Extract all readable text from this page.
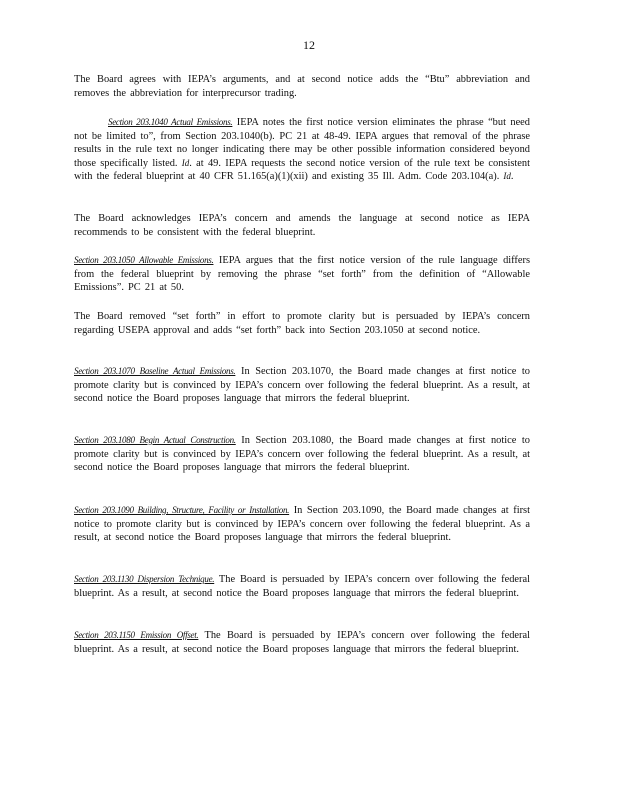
12

The Board agrees with IEPA’s arguments, and at second notice adds the “Btu” abbreviation and removes the abbreviation for interprecursor trading.

Section 203.1040 Actual Emissions. IEPA notes the first notice version eliminates the phrase “but need not be limited to”, from Section 203.1040(b). PC 21 at 48-49. IEPA argues that removal of the phrase results in the rule text no longer indicating there may be other possible information considered beyond those specifically listed. Id. at 49. IEPA requests the second notice version of the rule text be consistent with the federal blueprint at 40 CFR 51.165(a)(1)(xii) and existing 35 Ill. Adm. Code 203.104(a). Id.

The Board acknowledges IEPA’s concern and amends the language at second notice as IEPA recommends to be consistent with the federal blueprint.

Section 203.1050 Allowable Emissions. IEPA argues that the first notice version of the rule language differs from the federal blueprint by removing the phrase “set forth” from the definition of “Allowable Emissions”. PC 21 at 50.

The Board removed “set forth” in effort to promote clarity but is persuaded by IEPA’s concern regarding USEPA approval and adds “set forth” back into Section 203.1050 at second notice.

Section 203.1070 Baseline Actual Emissions. In Section 203.1070, the Board made changes at first notice to promote clarity but is convinced by IEPA’s concern over following the federal blueprint. As a result, at second notice the Board proposes language that mirrors the federal blueprint.

Section 203.1080 Begin Actual Construction. In Section 203.1080, the Board made changes at first notice to promote clarity but is convinced by IEPA’s concern over following the federal blueprint. As a result, at second notice the Board proposes language that mirrors the federal blueprint.

Section 203.1090 Building, Structure, Facility or Installation. In Section 203.1090, the Board made changes at first notice to promote clarity but is convinced by IEPA’s concern over following the federal blueprint. As a result, at second notice the Board proposes language that mirrors the federal blueprint.

Section 203.1130 Dispersion Technique. The Board is persuaded by IEPA’s concern over following the federal blueprint. As a result, at second notice the Board proposes language that mirrors the federal blueprint.

Section 203.1150 Emission Offset. The Board is persuaded by IEPA’s concern over following the federal blueprint. As a result, at second notice the Board proposes language that mirrors the federal blueprint.
